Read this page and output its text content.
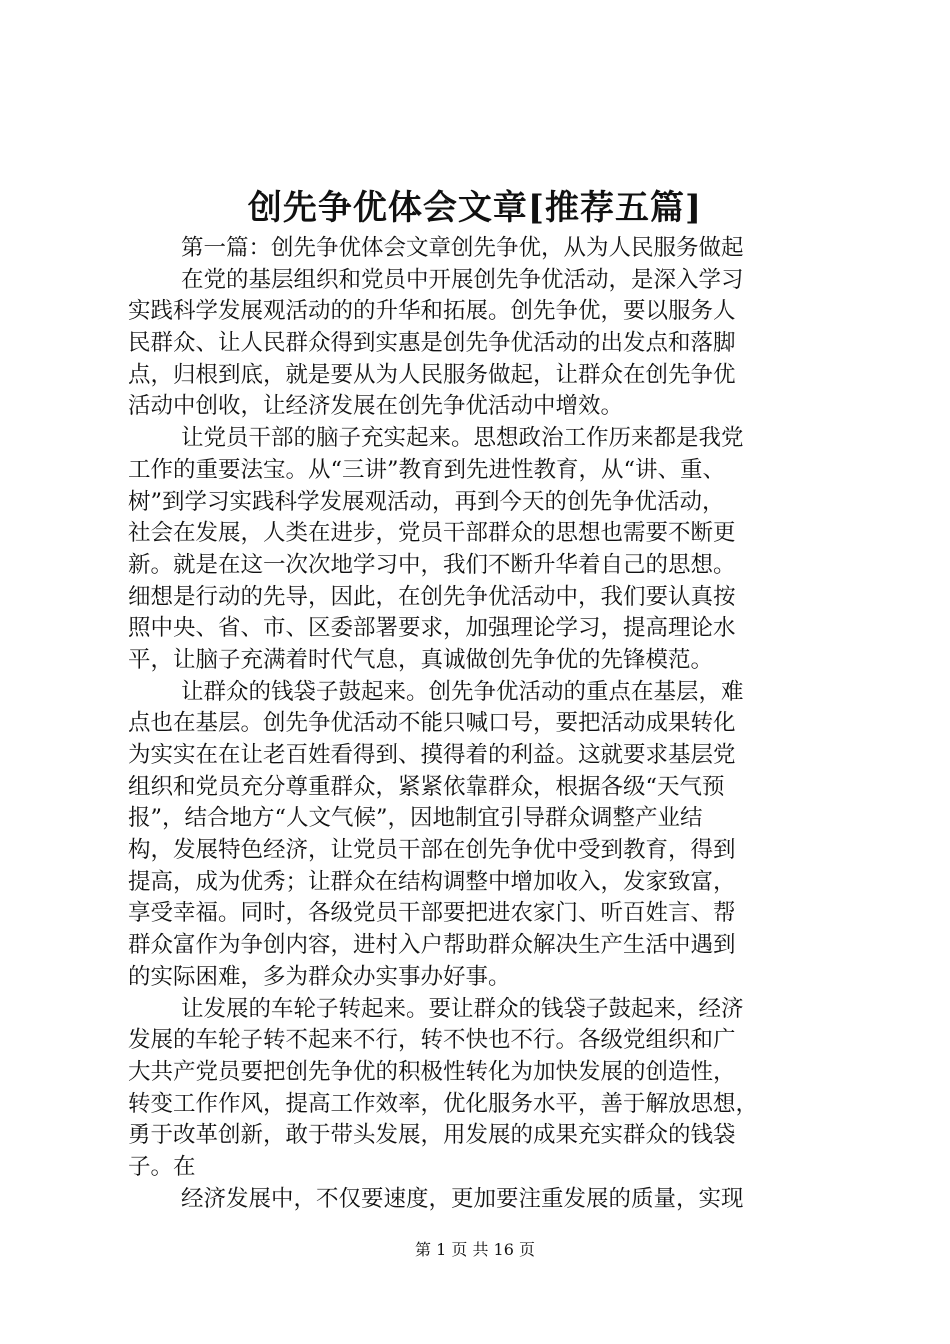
创先争优体会文章[推荐五篇]
第一篇：创先争优体会文章创先争优，从为人民服务做起
在党的基层组织和党员中开展创先争优活动，是深入学习
实践科学发展观活动的的升华和拓展。创先争优，要以服务人
民群众、让人民群众得到实惠是创先争优活动的出发点和落脚
点，归根到底，就是要从为人民服务做起，让群众在创先争优
活动中创收，让经济发展在创先争优活动中增效。
让党员干部的脑子充实起来。思想政治工作历来都是我党
工作的重要法宝。从“三讲”教育到先进性教育，从“讲、重、
树”到学习实践科学发展观活动，再到今天的创先争优活动，
社会在发展，人类在进步，党员干部群众的思想也需要不断更
新。就是在这一次次地学习中，我们不断升华着自己的思想。
细想是行动的先导，因此，在创先争优活动中，我们要认真按
照中央、省、市、区委部署要求，加强理论学习，提高理论水
平，让脑子充满着时代气息，真诚做创先争优的先锋模范。
让群众的钱袋子鼓起来。创先争优活动的重点在基层，难
点也在基层。创先争优活动不能只喊口号，要把活动成果转化
为实实在在让老百姓看得到、摸得着的利益。这就要求基层党
组织和党员充分尊重群众，紧紧依靠群众，根据各级“天气预
报”，结合地方“人文气候”，因地制宜引导群众调整产业结
构，发展特色经济，让党员干部在创先争优中受到教育，得到
提高，成为优秀；让群众在结构调整中增加收入，发家致富，
享受幸福。同时，各级党员干部要把进农家门、听百姓言、帮
群众富作为争创内容，进村入户帮助群众解决生产生活中遇到
的实际困难，多为群众办实事办好事。
让发展的车轮子转起来。要让群众的钱袋子鼓起来，经济
发展的车轮子转不起来不行，转不快也不行。各级党组织和广
大共产党员要把创先争优的积极性转化为加快发展的创造性，
转变工作作风，提高工作效率，优化服务水平，善于解放思想，
勇于改革创新，敢于带头发展，用发展的成果充实群众的钱袋
子。在
经济发展中，不仅要速度，更加要注重发展的质量，实现
第 1 页 共 16 页
